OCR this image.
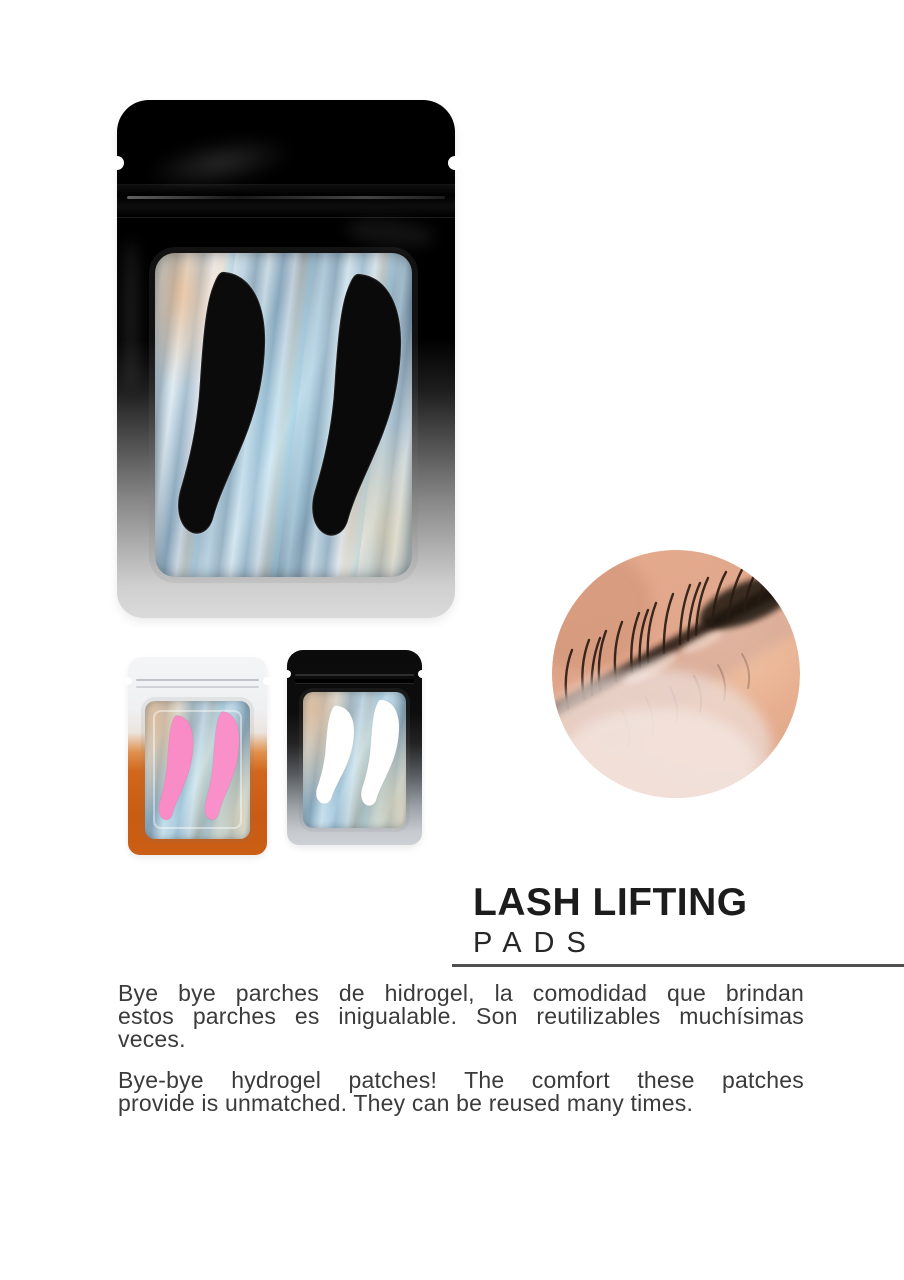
LASH LIFTING
PADS
Bye bye parches de hidrogel, la comodidad que brindan
estos parches es inigualable. Son reutilizables muchísimas
veces.
Bye-bye hydrogel patches! The comfort these patches
provide is unmatched. They can be reused many times.
